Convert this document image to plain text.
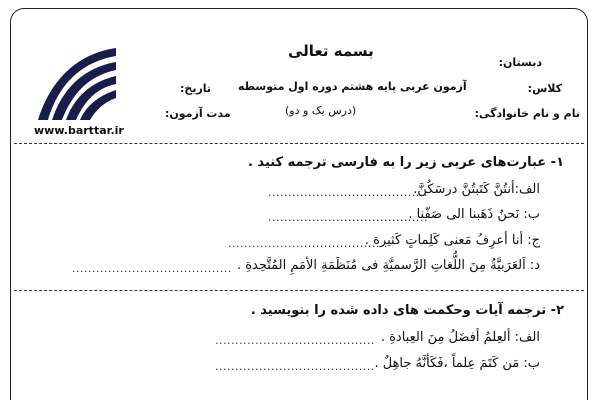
بسمه تعالی
دبستان:
کلاس:
نام و نام خانوادگی:
آزمون عربی پایه هشتم دوره اول متوسطه
(درس یک و دو)
تاریخ:
مدت آزمون:
www.barttar.ir
۱- عبارت‌های عربی زیر را به فارسی ترجمه کنید .
الف:أنتُنَّ کَتَبتُنَّ درسَکُنَّ.
........................................
ب: نَحنُ ذَهَبنا الی صَفّنا .
........................................
ج: أنا أعرِفُ مَعنی کَلِماتٍ کَثیرة .
........................................
د: اَلعَرَبیَّةُ مِنَ اللُّغاتِ الرَّسمیَّةِ فی مُنَظَمَةِ الأمَمِ المُتَّحِدةِ .
........................................
۲- ترجمه آیات وحکمت های داده شده را بنویسید .
الف: ألعِلمُ أفضَلُ مِنَ العِبادةِ .
........................................
ب: مَن کَتَمَ عِلماً ،فَکَأنَّهُ جاهِلٌ .
........................................
